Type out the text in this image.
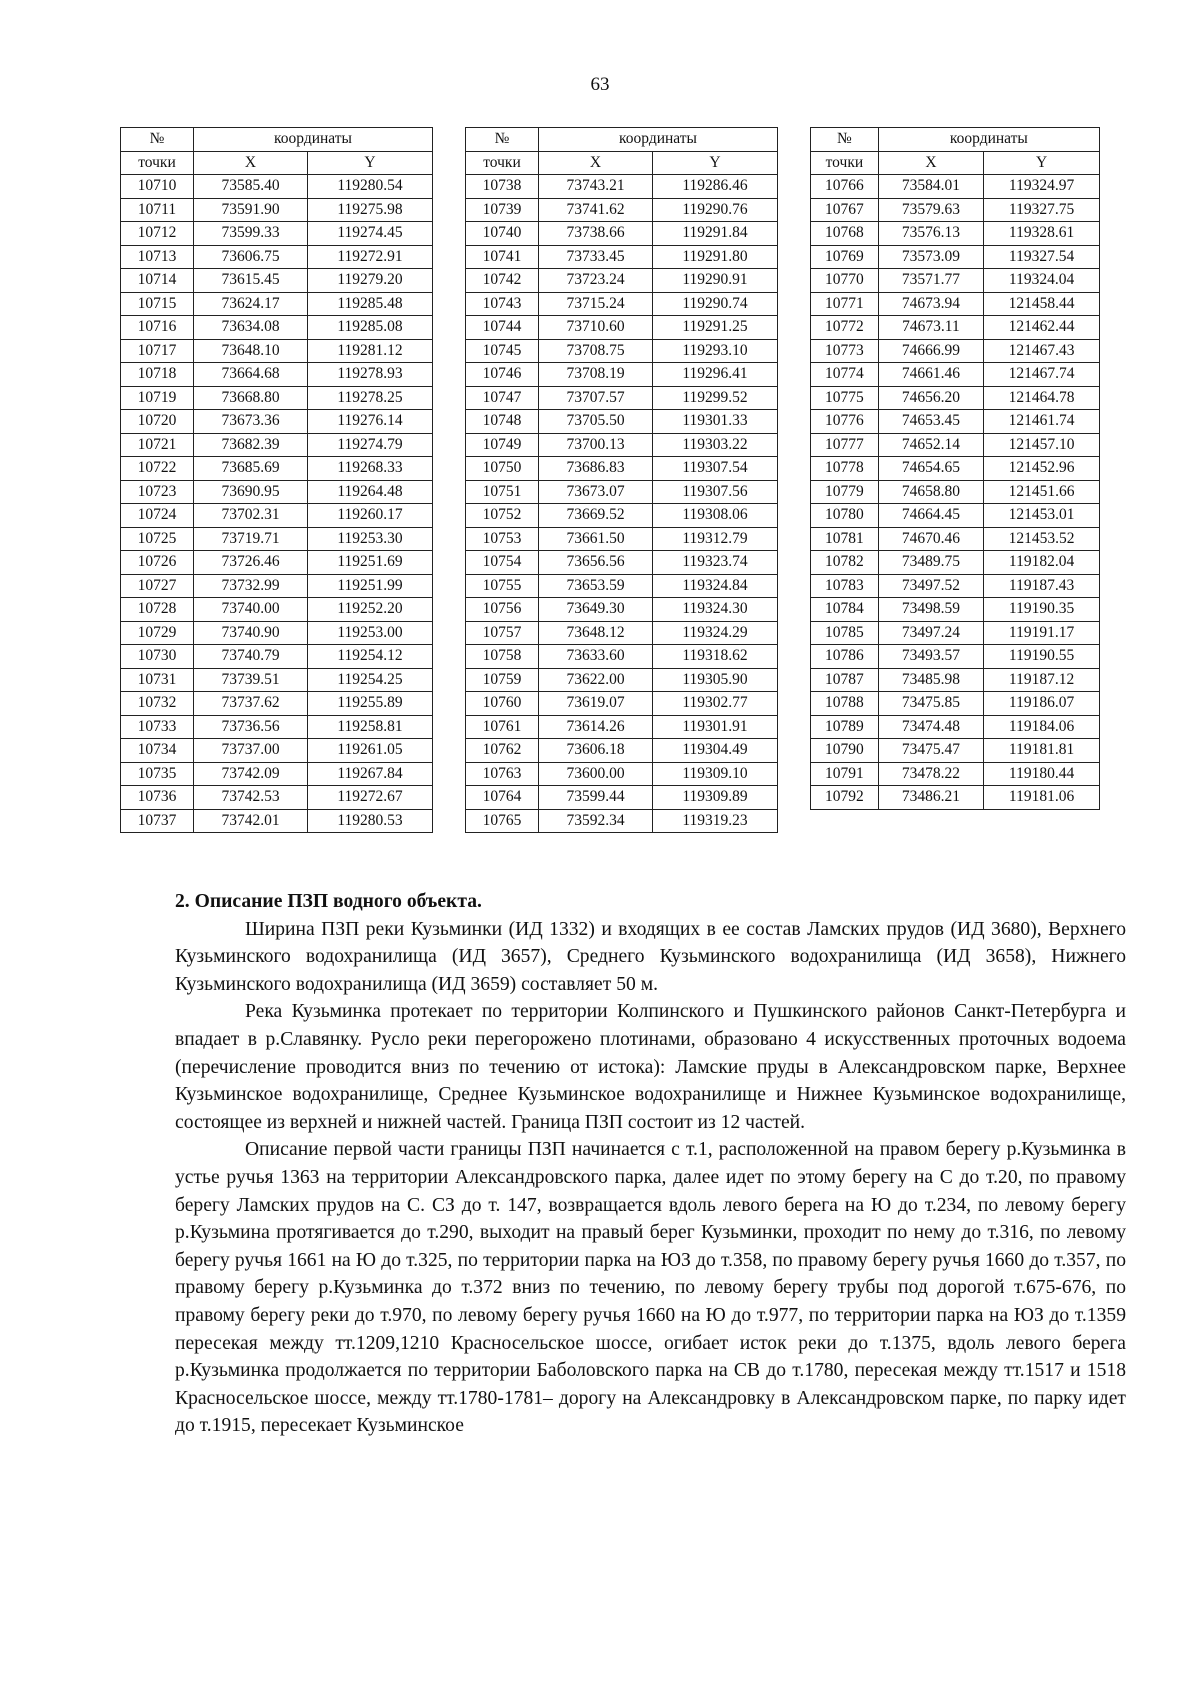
63
№	координаты	
точки	X	Y
10710	73585.40	119280.54
10711	73591.90	119275.98
10712	73599.33	119274.45
10713	73606.75	119272.91
10714	73615.45	119279.20
10715	73624.17	119285.48
10716	73634.08	119285.08
10717	73648.10	119281.12
10718	73664.68	119278.93
10719	73668.80	119278.25
10720	73673.36	119276.14
10721	73682.39	119274.79
10722	73685.69	119268.33
10723	73690.95	119264.48
10724	73702.31	119260.17
10725	73719.71	119253.30
10726	73726.46	119251.69
10727	73732.99	119251.99
10728	73740.00	119252.20
10729	73740.90	119253.00
10730	73740.79	119254.12
10731	73739.51	119254.25
10732	73737.62	119255.89
10733	73736.56	119258.81
10734	73737.00	119261.05
10735	73742.09	119267.84
10736	73742.53	119272.67
10737	73742.01	119280.53
№	координаты	
точки	X	Y
10738	73743.21	119286.46
10739	73741.62	119290.76
10740	73738.66	119291.84
10741	73733.45	119291.80
10742	73723.24	119290.91
10743	73715.24	119290.74
10744	73710.60	119291.25
10745	73708.75	119293.10
10746	73708.19	119296.41
10747	73707.57	119299.52
10748	73705.50	119301.33
10749	73700.13	119303.22
10750	73686.83	119307.54
10751	73673.07	119307.56
10752	73669.52	119308.06
10753	73661.50	119312.79
10754	73656.56	119323.74
10755	73653.59	119324.84
10756	73649.30	119324.30
10757	73648.12	119324.29
10758	73633.60	119318.62
10759	73622.00	119305.90
10760	73619.07	119302.77
10761	73614.26	119301.91
10762	73606.18	119304.49
10763	73600.00	119309.10
10764	73599.44	119309.89
10765	73592.34	119319.23
№	координаты	
точки	X	Y
10766	73584.01	119324.97
10767	73579.63	119327.75
10768	73576.13	119328.61
10769	73573.09	119327.54
10770	73571.77	119324.04
10771	74673.94	121458.44
10772	74673.11	121462.44
10773	74666.99	121467.43
10774	74661.46	121467.74
10775	74656.20	121464.78
10776	74653.45	121461.74
10777	74652.14	121457.10
10778	74654.65	121452.96
10779	74658.80	121451.66
10780	74664.45	121453.01
10781	74670.46	121453.52
10782	73489.75	119182.04
10783	73497.52	119187.43
10784	73498.59	119190.35
10785	73497.24	119191.17
10786	73493.57	119190.55
10787	73485.98	119187.12
10788	73475.85	119186.07
10789	73474.48	119184.06
10790	73475.47	119181.81
10791	73478.22	119180.44
10792	73486.21	119181.06

2. Описание ПЗП водного объекта.

Ширина ПЗП реки Кузьминки (ИД 1332) и входящих в ее состав Ламских прудов (ИД 3680), Верхнего Кузьминского водохранилища (ИД 3657), Среднего Кузьминского водохранилища (ИД 3658), Нижнего Кузьминского водохранилища (ИД 3659) составляет 50 м.

Река Кузьминка протекает по территории Колпинского и Пушкинского районов Санкт-Петербурга и впадает в р.Славянку. Русло реки перегорожено плотинами, образовано 4 искусственных проточных водоема (перечисление проводится вниз по течению от истока): Ламские пруды в Александровском парке, Верхнее Кузьминское водохранилище, Среднее Кузьминское водохранилище и Нижнее Кузьминское водохранилище, состоящее из верхней и нижней частей. Граница ПЗП состоит из 12 частей.

Описание первой части границы ПЗП начинается с т.1, расположенной на правом берегу р.Кузьминка в устье ручья 1363 на территории Александровского парка, далее идет по этому берегу на С до т.20, по правому берегу Ламских прудов на С. СЗ до т. 147, возвращается вдоль левого берега на Ю до т.234, по левому берегу р.Кузьмина протягивается до т.290, выходит на правый берег Кузьминки, проходит по нему до т.316, по левому берегу ручья 1661 на Ю до т.325, по территории парка на ЮЗ до т.358, по правому берегу ручья 1660 до т.357, по правому берегу р.Кузьминка до т.372 вниз по течению, по левому берегу трубы под дорогой т.675-676, по правому берегу реки до т.970, по левому берегу ручья 1660 на Ю до т.977, по территории парка на ЮЗ до т.1359 пересекая между тт.1209,1210 Красносельское шоссе, огибает исток реки до т.1375, вдоль левого берега р.Кузьминка продолжается по территории Баболовского парка на СВ до т.1780, пересекая между тт.1517 и 1518 Красносельское шоссе, между тт.1780-1781– дорогу на Александровку в Александровском парке, по парку идет до т.1915, пересекает Кузьминское
